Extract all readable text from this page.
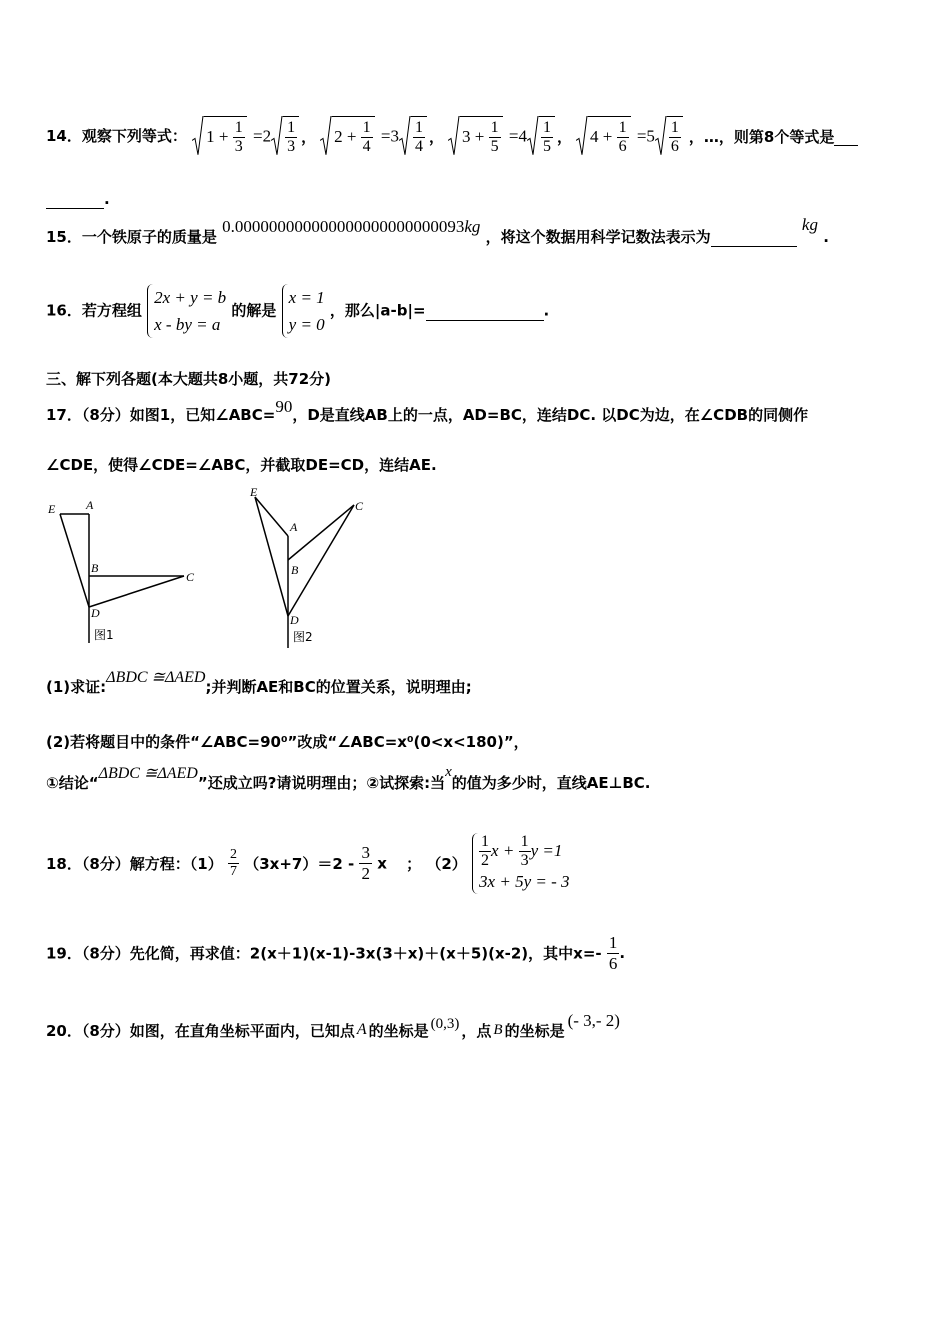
14．观察下列等式： $1 + \frac{1}{3} =2 \frac{1}{3}$ ， $2 + \frac{1}{4} =3 \frac{1}{4}$ ， $3 + \frac{1}{5} =4 \frac{1}{5}$ ， $4 + \frac{1}{6} =5 \frac{1}{6}$ ，…，则第8个等式是
.
15．一个铁原子的质量是 0.000000000000000000000000093kg ，将这个数据用科学记数法表示为  kg .
16．若方程组
2x + y = b
x - by = a
的解是
x = 1
y = 0
，那么|a-b|=	.
三、解下列各题(本大题共8小题，共72分)
17．（8分）如图1，已知∠ABC=90，D是直线AB上的一点，AD=BC，连结DC. 以DC为边，在∠CDB的同侧作
∠CDE，使得∠CDE=∠ABC，并截取DE=CD，连结AE.
E	A
B
C
D
图1
E
A
B
C
D
图2
(1)求证:ΔBDC ≅ΔAED;并判断AE和BC的位置关系，说明理由;
(2)若将题目中的条件“∠ABC=90⁰”改成“∠ABC=x⁰(0<x<180)”，
①结论“ΔBDC ≅ΔAED”还成立吗?请说明理由；②试探索:当x的值为多少时，直线AE⊥BC.
18．（8分）解方程：$(1) \frac{2}{7} (3x+7)=2 - \frac{3}{2}$ x ； $(2) \frac{1}{2}$ $x + \frac{1}{3}$ y =1
3x + 5y = - 3
19．（8分）先化简，再求值：2(x＋1)(x-1)-3x(3＋x)＋(x＋5)(x-2)，其中$x=- \frac{1}{6}$ .
20．（8分）如图，在直角坐标平面内，已知点 A 的坐标是 (0,3) ，点 B 的坐标是(- 3,- 2)
